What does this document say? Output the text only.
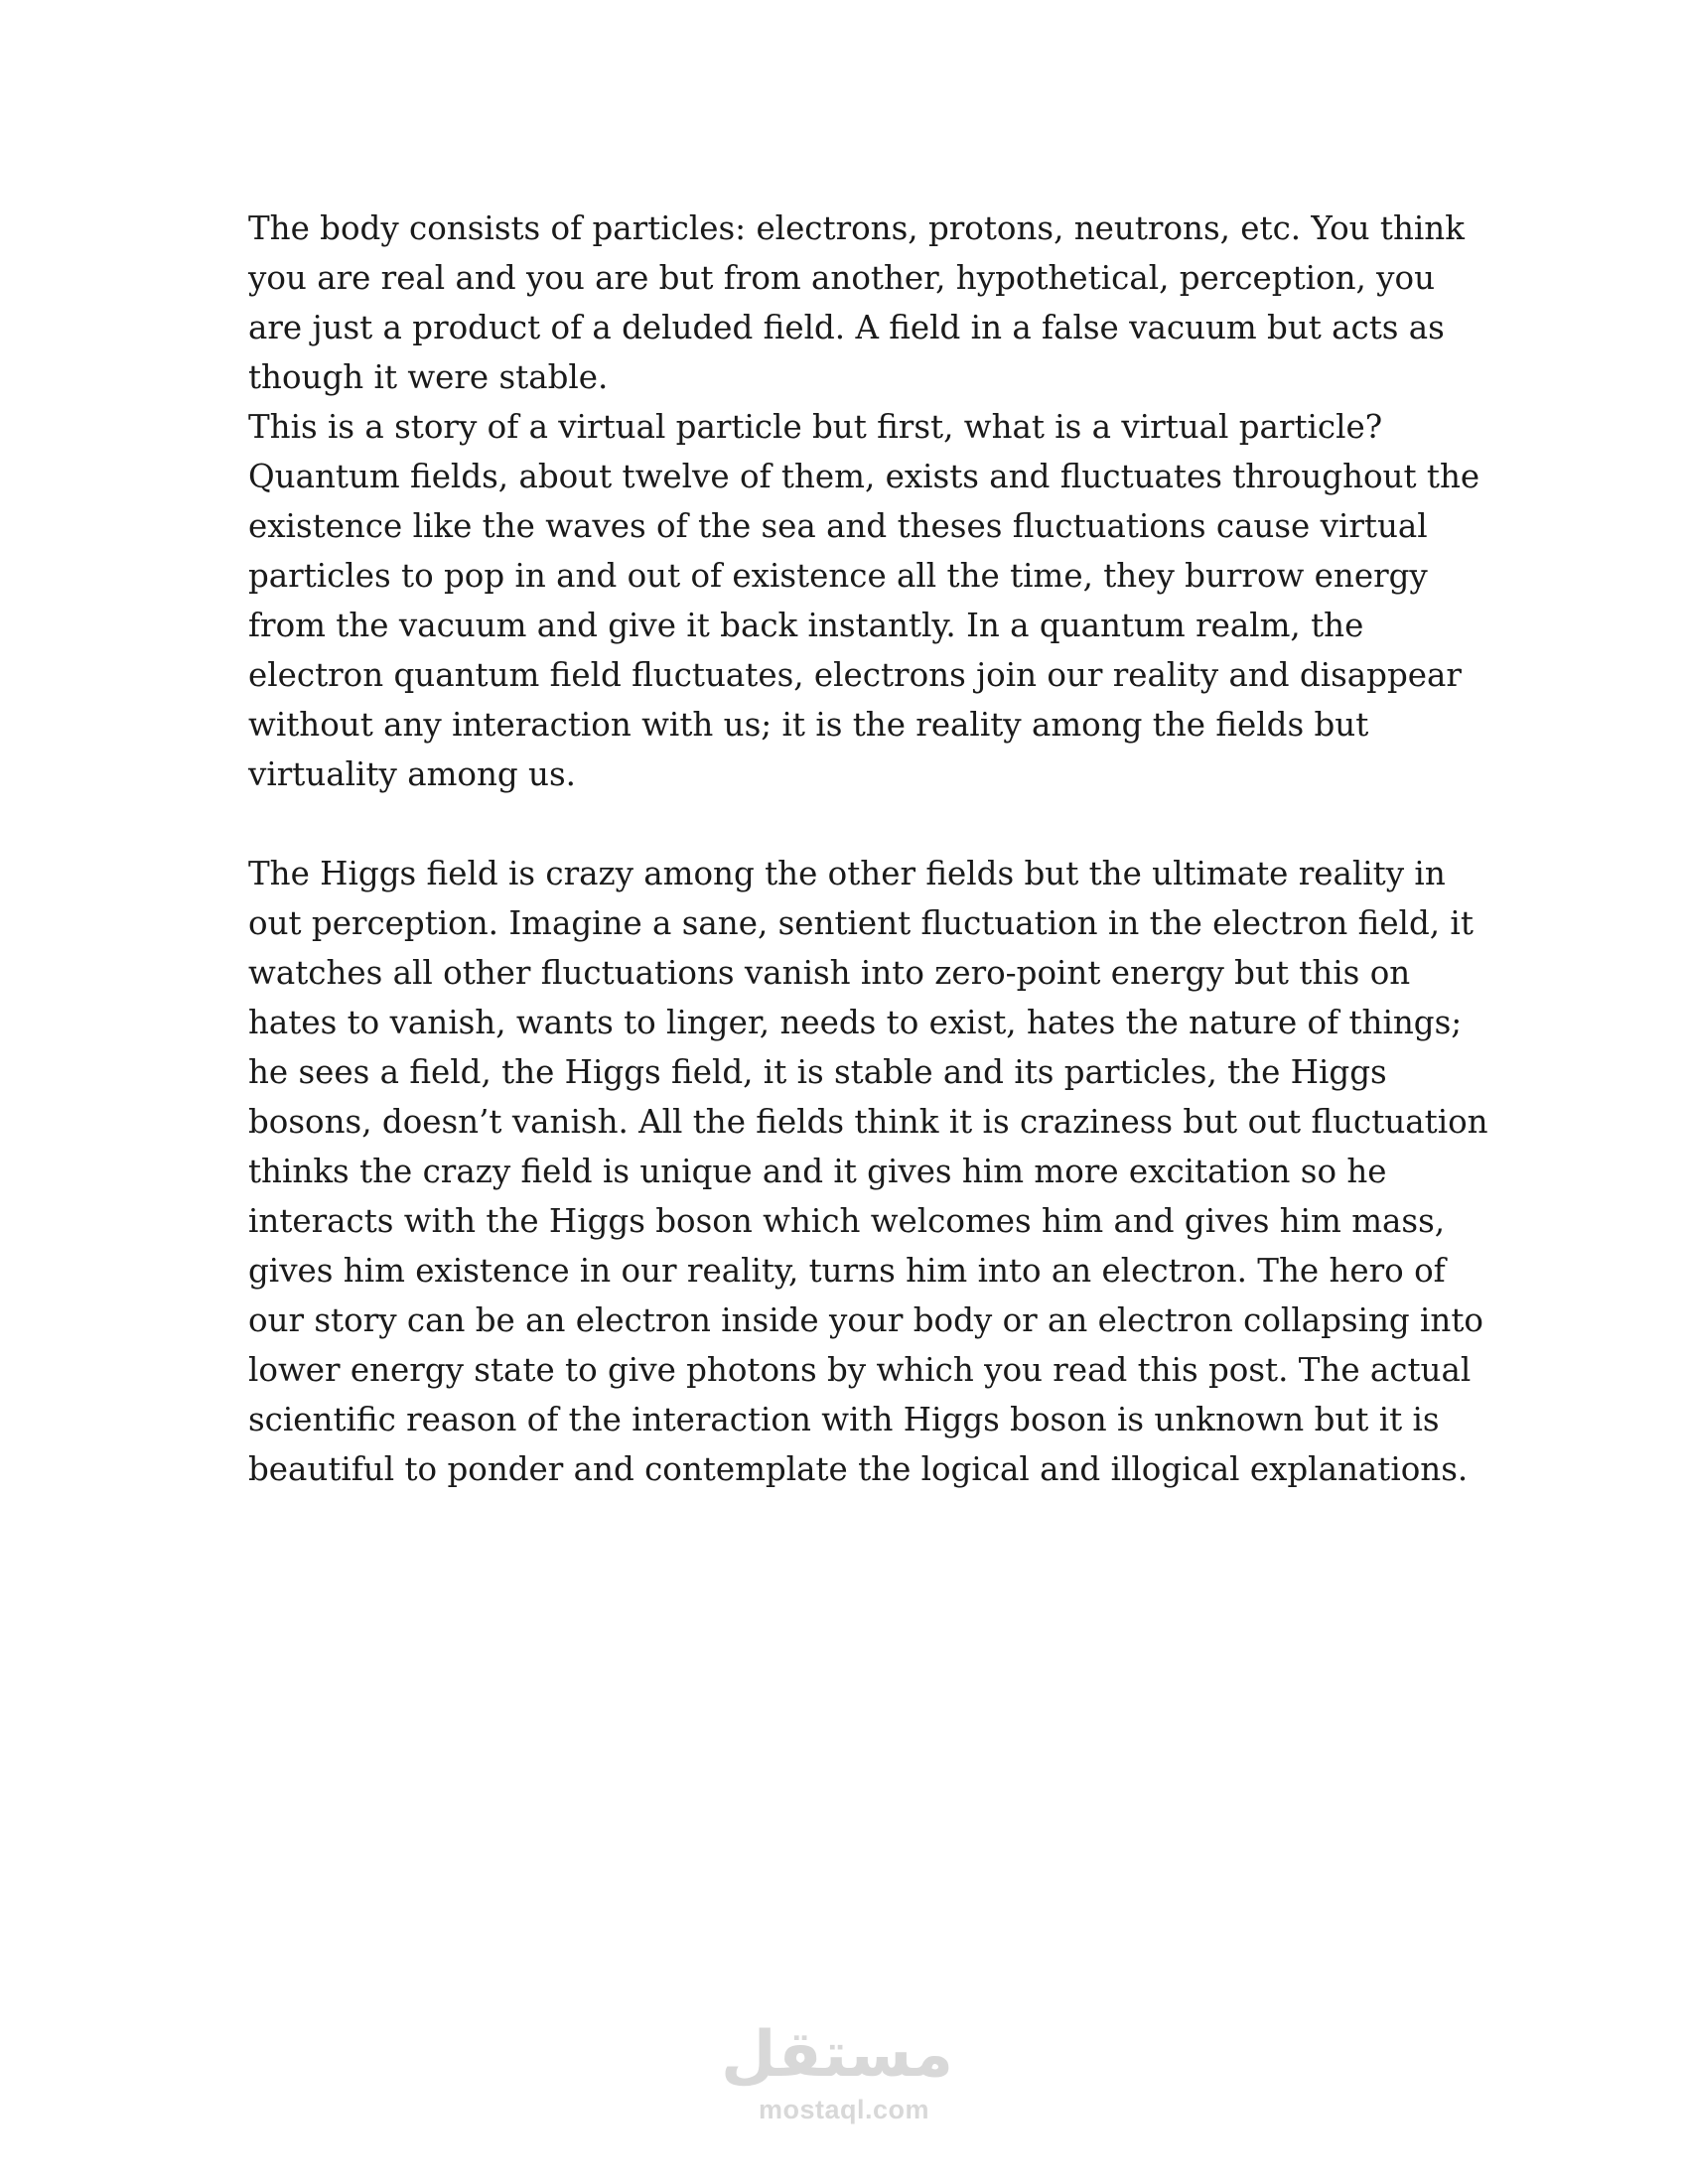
The body consists of particles: electrons, protons, neutrons, etc. You think
you are real and you are but from another, hypothetical, perception, you
are just a product of a deluded field. A field in a false vacuum but acts as
though it were stable.
This is a story of a virtual particle but first, what is a virtual particle?
Quantum fields, about twelve of them, exists and fluctuates throughout the
existence like the waves of the sea and theses fluctuations cause virtual
particles to pop in and out of existence all the time, they burrow energy
from the vacuum and give it back instantly. In a quantum realm, the
electron quantum field fluctuates, electrons join our reality and disappear
without any interaction with us; it is the reality among the fields but
virtuality among us.
The Higgs field is crazy among the other fields but the ultimate reality in
out perception. Imagine a sane, sentient fluctuation in the electron field, it
watches all other fluctuations vanish into zero-point energy but this on
hates to vanish, wants to linger, needs to exist, hates the nature of things;
he sees a field, the Higgs field, it is stable and its particles, the Higgs
bosons, doesn’t vanish. All the fields think it is craziness but out fluctuation
thinks the crazy field is unique and it gives him more excitation so he
interacts with the Higgs boson which welcomes him and gives him mass,
gives him existence in our reality, turns him into an electron. The hero of
our story can be an electron inside your body or an electron collapsing into
lower energy state to give photons by which you read this post. The actual
scientific reason of the interaction with Higgs boson is unknown but it is
beautiful to ponder and contemplate the logical and illogical explanations.
مستقل
mostaql.com
